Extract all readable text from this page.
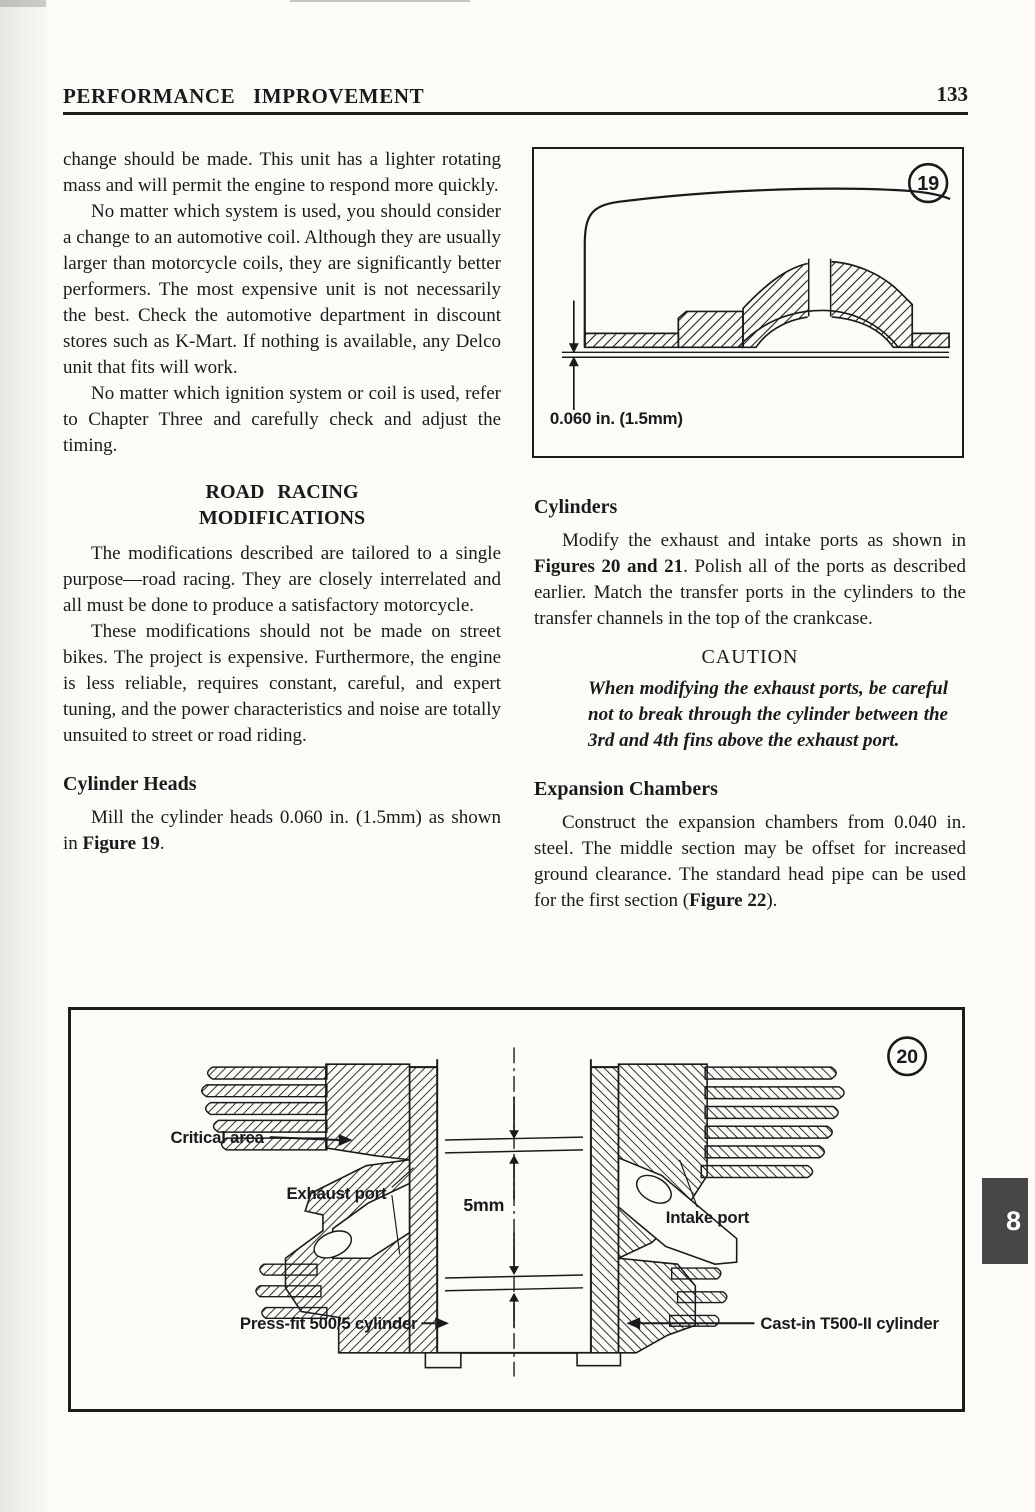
PERFORMANCE IMPROVEMENT	133

change should be made. This unit has a lighter rotating mass and will permit the engine to respond more quickly.

No matter which system is used, you should consider a change to an automotive coil. Although they are usually larger than motorcycle coils, they are significantly better performers. The most expensive unit is not necessarily the best. Check the automotive department in discount stores such as K-Mart. If nothing is available, any Delco unit that fits will work.

No matter which ignition system or coil is used, refer to Chapter Three and carefully check and adjust the timing.

ROAD RACING
MODIFICATIONS

The modifications described are tailored to a single purpose—road racing. They are closely interrelated and all must be done to produce a satisfactory motorcycle.

These modifications should not be made on street bikes. The project is expensive. Furthermore, the engine is less reliable, requires constant, careful, and expert tuning, and the power characteristics and noise are totally unsuited to street or road riding.

Cylinder Heads

Mill the cylinder heads 0.060 in. (1.5mm) as shown in Figure 19.

0.060 in. (1.5mm)
19
Cylinders

Modify the exhaust and intake ports as shown in Figures 20 and 21. Polish all of the ports as described earlier. Match the transfer ports in the cylinders to the transfer channels in the top of the crankcase.

CAUTION

When modifying the exhaust ports, be careful not to break through the cylinder between the 3rd and 4th fins above the exhaust port.

Expansion Chambers

Construct the expansion chambers from 0.040 in. steel. The middle section may be offset for increased ground clearance. The standard head pipe can be used for the first section (Figure 22).

Critical area
Exhaust port
5mm
Intake port
Press-fit 500/5 cylinder	Cast-in T500-II cylinder
20
8
